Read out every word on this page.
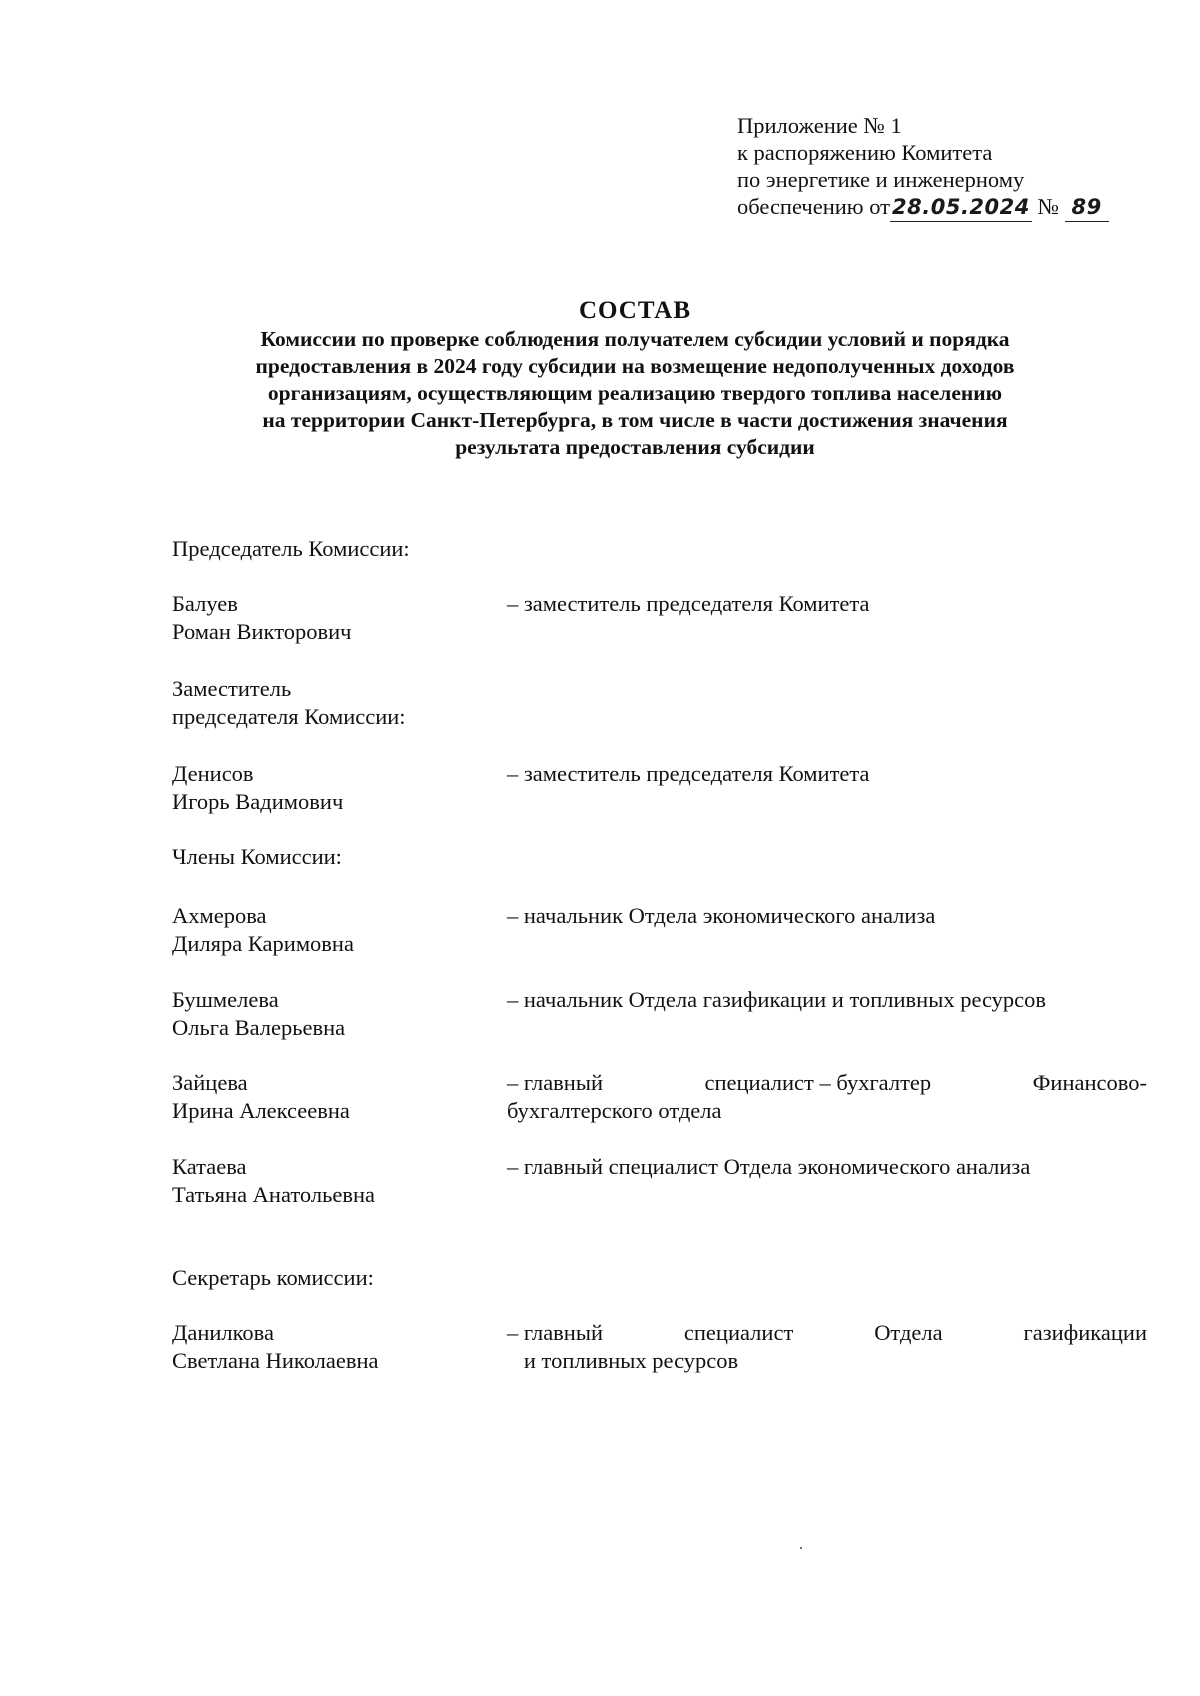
Приложение № 1
к распоряжению Комитета
по энергетике и инженерному
обеспечению от28.05.2024 № 89
СОСТАВ
Комиссии по проверке соблюдения получателем субсидии условий и порядка
предоставления в 2024 году субсидии на возмещение недополученных доходов
организациям, осуществляющим реализацию твердого топлива населению
на территории Санкт-Петербурга, в том числе в части достижения значения
результата предоставления субсидии
Председатель Комиссии:
Балуев
Роман Викторович
– заместитель председателя Комитета
Заместитель
председателя Комиссии:
Денисов
Игорь Вадимович
– заместитель председателя Комитета
Члены Комиссии:
Ахмерова
Диляра Каримовна
– начальник Отдела экономического анализа
Бушмелева
Ольга Валерьевна
– начальник Отдела газификации и топливных ресурсов
Зайцева
Ирина Алексеевна
– главный	специалист – бухгалтер	Финансово-
бухгалтерского отдела
Катаева
Татьяна Анатольевна
– главный специалист Отдела экономического анализа
Секретарь комиссии:
Данилкова
Светлана Николаевна
– главный	специалист	Отдела	газификации
и топливных ресурсов
